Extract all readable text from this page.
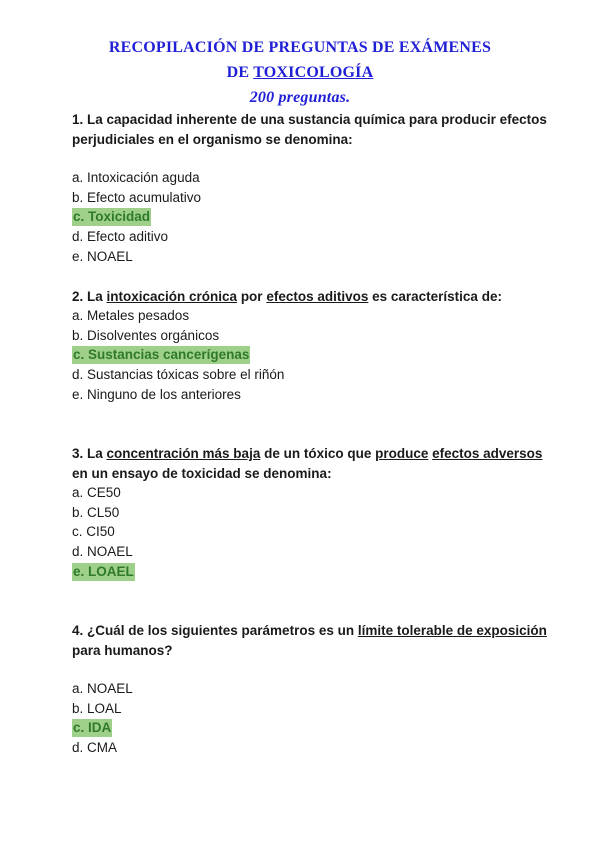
RECOPILACIÓN DE PREGUNTAS DE EXÁMENES
DE TOXICOLOGÍA
200 preguntas.
1. La capacidad inherente de una sustancia química para producir efectos perjudiciales en el organismo se denomina:
a. Intoxicación aguda
b. Efecto acumulativo
c. Toxicidad
d. Efecto aditivo
e. NOAEL
2. La intoxicación crónica por efectos aditivos es característica de:
a. Metales pesados
b. Disolventes orgánicos
c. Sustancias cancerígenas
d. Sustancias tóxicas sobre el riñón
e. Ninguno de los anteriores
3. La concentración más baja de un tóxico que produce efectos adversos en un ensayo de toxicidad se denomina:
a. CE50
b. CL50
c. CI50
d. NOAEL
e. LOAEL
4. ¿Cuál de los siguientes parámetros es un límite tolerable de exposición para humanos?
a. NOAEL
b. LOAL
c. IDA
d. CMA
